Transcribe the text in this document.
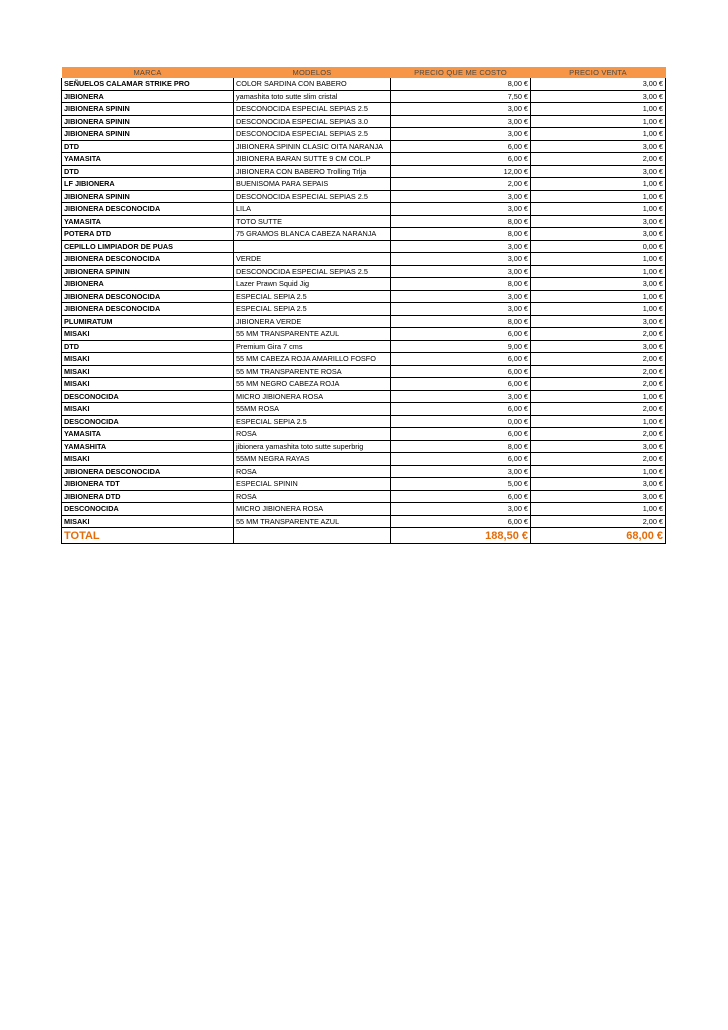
MARCA	MODELOS	PRECIO QUE ME COSTO	PRECIO VENTA
SEÑUELOS CALAMAR STRIKE PRO	COLOR SARDINA CON BABERO	8,00 €	3,00 €
JIBIONERA	yamashita toto sutte slim cristal	7,50 €	3,00 €
JIBIONERA SPININ	DESCONOCIDA ESPECIAL SEPIAS 2.5	3,00 €	1,00 €
JIBIONERA SPININ	DESCONOCIDA ESPECIAL SEPIAS 3.0	3,00 €	1,00 €
JIBIONERA SPININ	DESCONOCIDA ESPECIAL SEPIAS 2.5	3,00 €	1,00 €
DTD	JIBIONERA SPININ CLASIC OITA NARANJA	6,00 €	3,00 €
YAMASITA	JIBIONERA BARAN SUTTE 9 CM COL.P	6,00 €	2,00 €
DTD	JIBIONERA CON BABERO Trolling Trlja	12,00 €	3,00 €
LF JIBIONERA	BUENISOMA PARA SEPAIS	2,00 €	1,00 €
JIBIONERA SPININ	DESCONOCIDA ESPECIAL SEPIAS 2.5	3,00 €	1,00 €
JIBIONERA DESCONOCIDA	LILA	3,00 €	1,00 €
YAMASITA	TOTO SUTTE	8,00 €	3,00 €
POTERA DTD	75 GRAMOS BLANCA CABEZA NARANJA	8,00 €	3,00 €
CEPILLO LIMPIADOR DE PUAS		3,00 €	0,00 €
JIBIONERA DESCONOCIDA	VERDE	3,00 €	1,00 €
JIBIONERA SPININ	DESCONOCIDA ESPECIAL SEPIAS 2.5	3,00 €	1,00 €
JIBIONERA	Lazer Prawn Squid Jig	8,00 €	3,00 €
JIBIONERA DESCONOCIDA	ESPECIAL SEPIA 2.5	3,00 €	1,00 €
JIBIONERA DESCONOCIDA	ESPECIAL SEPIA 2.5	3,00 €	1,00 €
PLUMIRATUM	JIBIONERA VERDE	8,00 €	3,00 €
MISAKI	55 MM TRANSPARENTE AZUL	6,00 €	2,00 €
DTD	Premium Gira 7 cms	9,00 €	3,00 €
MISAKI	55 MM CABEZA ROJA AMARILLO FOSFO	6,00 €	2,00 €
MISAKI	55 MM TRANSPARENTE ROSA	6,00 €	2,00 €
MISAKI	55 MM NEGRO CABEZA ROJA	6,00 €	2,00 €
DESCONOCIDA	MICRO JIBIONERA ROSA	3,00 €	1,00 €
MISAKI	55MM ROSA	6,00 €	2,00 €
DESCONOCIDA	ESPECIAL SEPIA 2.5	0,00 €	1,00 €
YAMASITA	ROSA	6,00 €	2,00 €
YAMASHITA	jibionera yamashita toto sutte superbrig	8,00 €	3,00 €
MISAKI	55MM NEGRA RAYAS	6,00 €	2,00 €
JIBIONERA DESCONOCIDA	ROSA	3,00 €	1,00 €
JIBIONERA TDT	ESPECIAL SPININ	5,00 €	3,00 €
JIBIONERA DTD	ROSA	6,00 €	3,00 €
DESCONOCIDA	MICRO JIBIONERA ROSA	3,00 €	1,00 €
MISAKI	55 MM TRANSPARENTE AZUL	6,00 €	2,00 €
TOTAL		188,50 €	68,00 €
